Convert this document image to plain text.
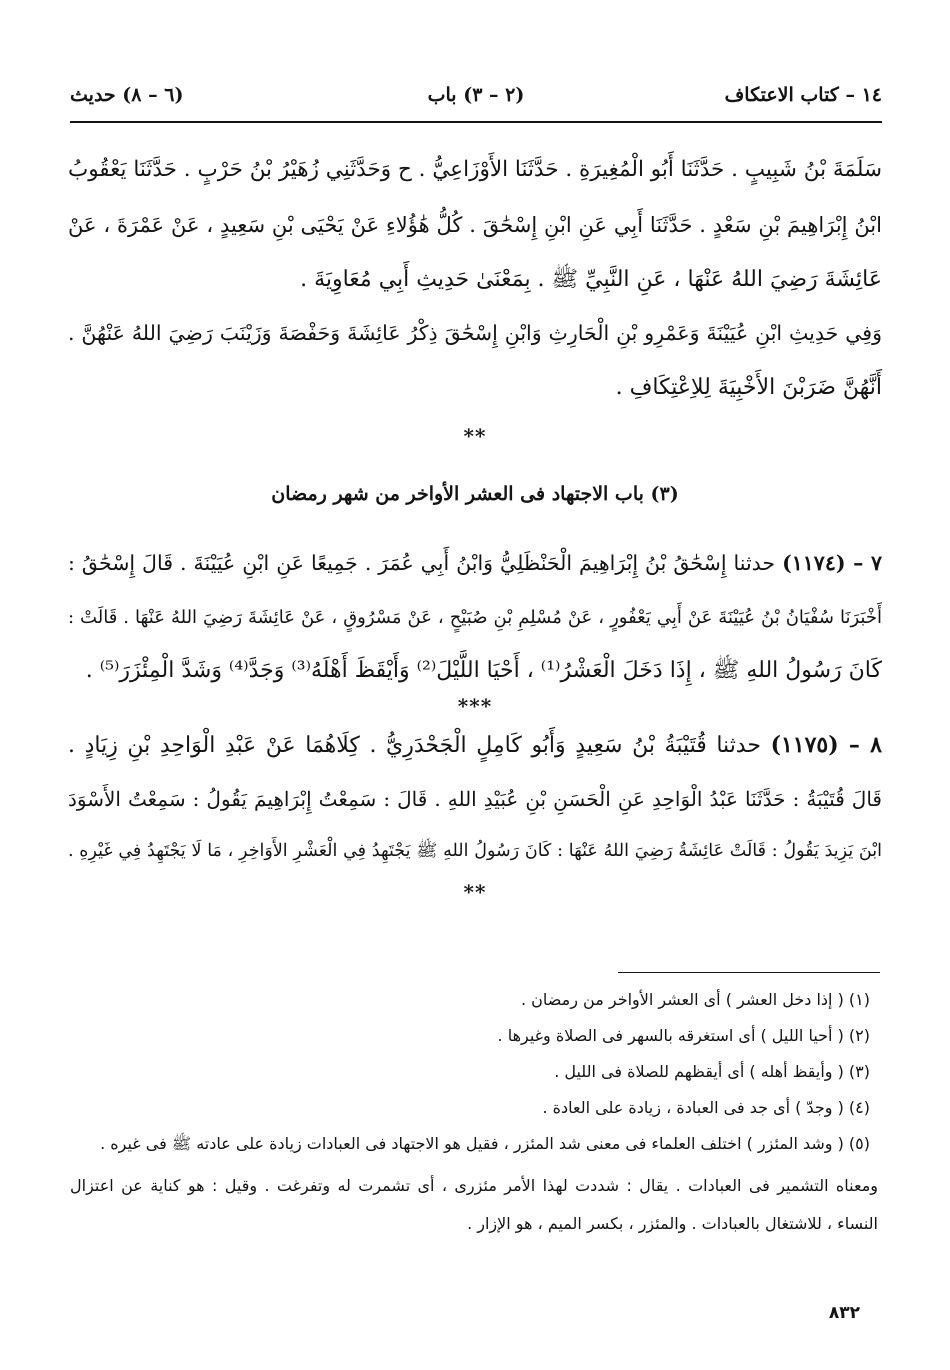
١٤ – كتاب الاعتكاف
(٢ – ٣) باب
(٦ – ٨) حديث
سَلَمَةَ بْنُ شَبِيبٍ . حَدَّثَنَا أَبُو الْمُغِيرَةِ . حَدَّثَنَا الأَوْزَاعِيُّ . ح وَحَدَّثَنِي زُهَيْرُ بْنُ حَرْبٍ . حَدَّثَنَا يَعْقُوبُ
ابْنُ إِبْرَاهِيمَ بْنِ سَعْدٍ . حَدَّثَنَا أَبِي عَنِ ابْنِ إِسْحَٰقَ . كُلُّ هَٰؤُلاءِ عَنْ يَحْيَى بْنِ سَعِيدٍ ، عَنْ عَمْرَةَ ، عَنْ
عَائِشَةَ رَضِيَ اللهُ عَنْهَا ، عَنِ النَّبِيِّ ﷺ . بِمَعْنَىٰ حَدِيثِ أَبِي مُعَاوِيَةَ .
وَفِي حَدِيثِ ابْنِ عُيَيْنَةَ وَعَمْرِو بْنِ الْحَارِثِ وَابْنِ إِسْحَٰقَ ذِكْرُ عَائِشَةَ وَحَفْصَةَ وَزَيْنَبَ رَضِيَ اللهُ عَنْهُنَّ .
أَنَّهُنَّ ضَرَبْنَ الأَخْبِيَةَ لِلاِعْتِكَافِ .
**
(٣) باب الاجتهاد فى العشر الأواخر من شهر رمضان
٧ – (١١٧٤) حدثنا إِسْحَٰقُ بْنُ إِبْرَاهِيمَ الْحَنْظَلِيُّ وَابْنُ أَبِي عُمَرَ . جَمِيعًا عَنِ ابْنِ عُيَيْنَةَ . قَالَ إِسْحَٰقُ :
أَخْبَرَنَا سُفْيَانُ بْنُ عُيَيْنَةَ عَنْ أَبِي يَعْفُورٍ ، عَنْ مُسْلِمِ بْنِ صُبَيْحٍ ، عَنْ مَسْرُوقٍ ، عَنْ عَائِشَةَ رَضِيَ اللهُ عَنْهَا . قَالَتْ :
كَانَ رَسُولُ اللهِ ﷺ ، إِذَا دَخَلَ الْعَشْرُ⁽¹⁾ ، أَحْيَا اللَّيْلَ⁽²⁾ وَأَيْقَظَ أَهْلَهُ⁽³⁾ وَجَدَّ⁽⁴⁾ وَشَدَّ الْمِئْزَرَ⁽⁵⁾ .
***
٨ – (١١٧٥) حدثنا قُتَيْبَةُ بْنُ سَعِيدٍ وَأَبُو كَامِلٍ الْجَحْدَرِيُّ . كِلَاهُمَا عَنْ عَبْدِ الْوَاحِدِ بْنِ زِيَادٍ .
قَالَ قُتَيْبَةُ : حَدَّثَنَا عَبْدُ الْوَاحِدِ عَنِ الْحَسَنِ بْنِ عُبَيْدِ اللهِ . قَالَ : سَمِعْتُ إِبْرَاهِيمَ يَقُولُ : سَمِعْتُ الأَسْوَدَ
ابْنَ يَزِيدَ يَقُولُ : قَالَتْ عَائِشَةُ رَضِيَ اللهُ عَنْهَا : كَانَ رَسُولُ اللهِ ﷺ يَجْتَهِدُ فِي الْعَشْرِ الأَوَاخِرِ ، مَا لَا يَجْتَهِدُ فِي غَيْرِهِ .
**
(١) ( إذا دخل العشر ) أى العشر الأواخر من رمضان .
(٢) ( أحيا الليل ) أى استغرقه بالسهر فى الصلاة وغيرها .
(٣) ( وأيقظ أهله ) أى أيقظهم للصلاة فى الليل .
(٤) ( وجدّ ) أى جد فى العبادة ، زيادة على العادة .
(٥) ( وشد المئزر ) اختلف العلماء فى معنى شد المئزر ، فقيل هو الاجتهاد فى العبادات زيادة على عادته ﷺ فى غيره .
ومعناه التشمير فى العبادات . يقال : شددت لهذا الأمر مئزرى ، أى تشمرت له وتفرغت . وقيل : هو كناية عن اعتزال
النساء ، للاشتغال بالعبادات . والمئزر ، بكسر الميم ، هو الإزار .
٨٣٢
